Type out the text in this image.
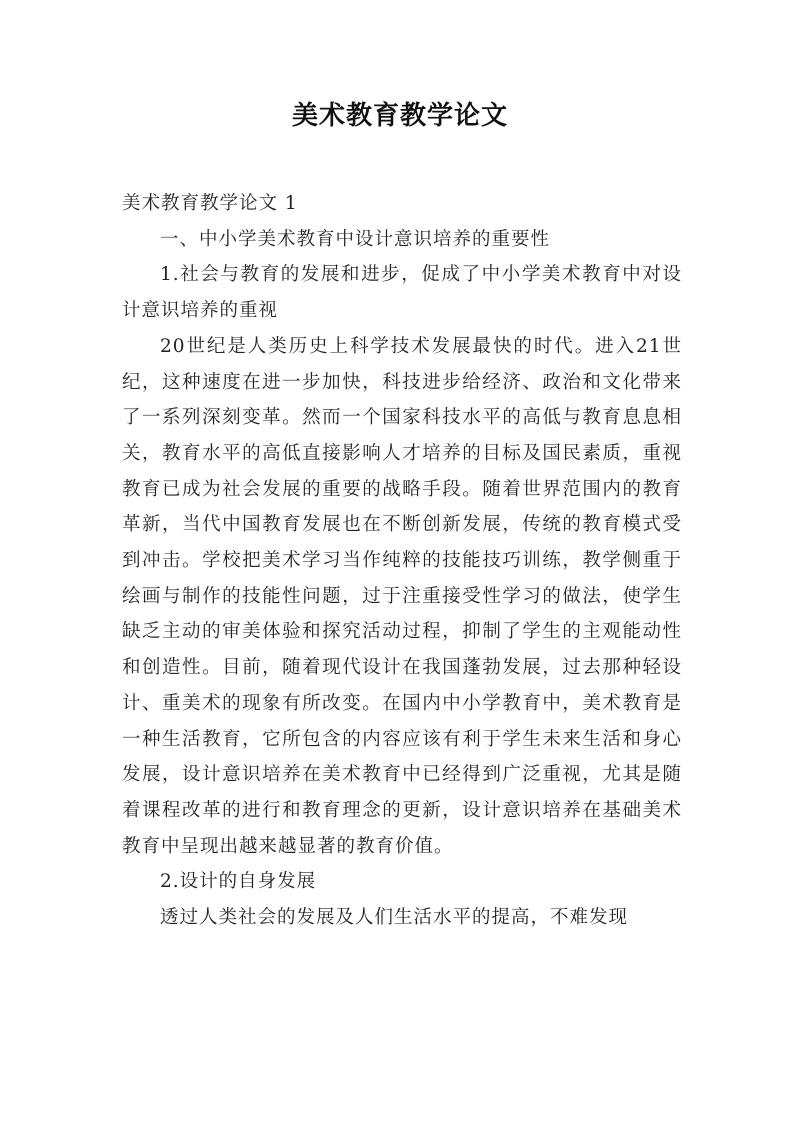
美术教育教学论文

美术教育教学论文 1

一、中小学美术教育中设计意识培养的重要性

1.社会与教育的发展和进步，促成了中小学美术教育中对设计意识培养的重视

20世纪是人类历史上科学技术发展最快的时代。进入21世纪，这种速度在进一步加快，科技进步给经济、政治和文化带来了一系列深刻变革。然而一个国家科技水平的高低与教育息息相关，教育水平的高低直接影响人才培养的目标及国民素质，重视教育已成为社会发展的重要的战略手段。随着世界范围内的教育革新，当代中国教育发展也在不断创新发展，传统的教育模式受到冲击。学校把美术学习当作纯粹的技能技巧训练，教学侧重于绘画与制作的技能性问题，过于注重接受性学习的做法，使学生缺乏主动的审美体验和探究活动过程，抑制了学生的主观能动性和创造性。目前，随着现代设计在我国蓬勃发展，过去那种轻设计、重美术的现象有所改变。在国内中小学教育中，美术教育是一种生活教育，它所包含的内容应该有利于学生未来生活和身心发展，设计意识培养在美术教育中已经得到广泛重视，尤其是随着课程改革的进行和教育理念的更新，设计意识培养在基础美术教育中呈现出越来越显著的教育价值。

2.设计的自身发展

透过人类社会的发展及人们生活水平的提高，不难发现
